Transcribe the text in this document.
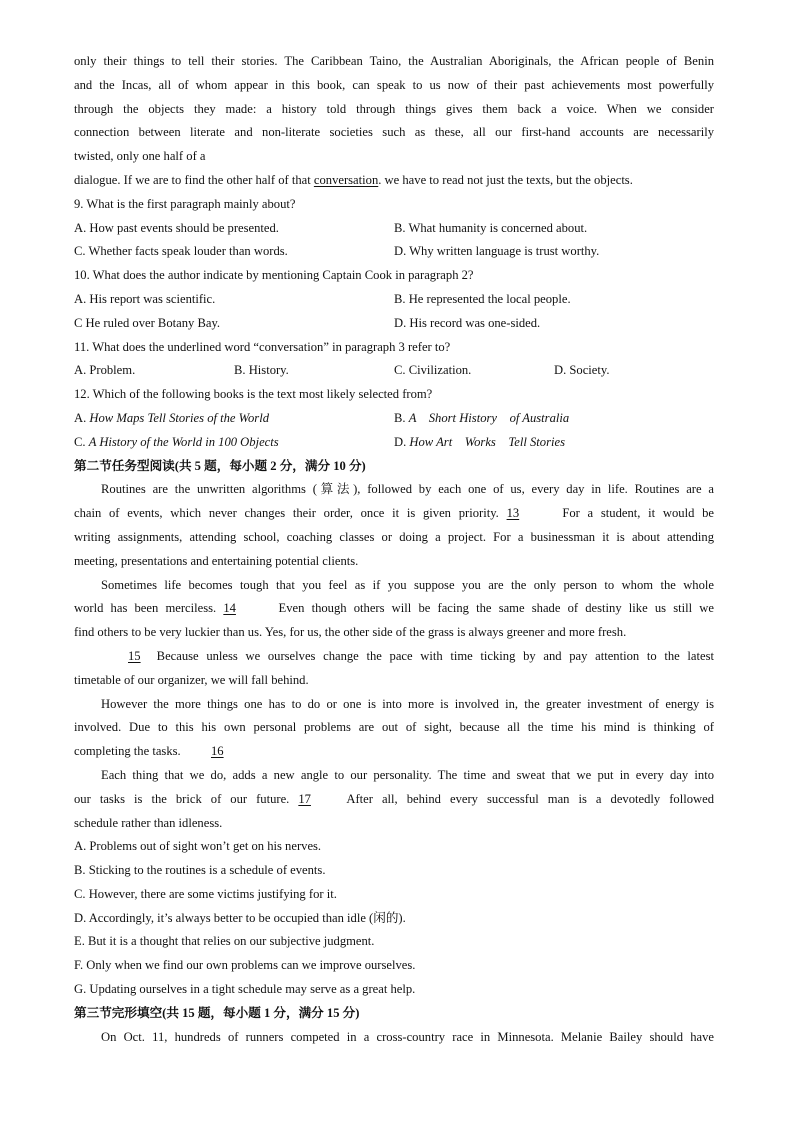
only their things to tell their stories. The Caribbean Taino, the Australian Aboriginals, the African people of Benin

and the Incas, all of whom appear in this book, can speak to us now of their past achievements most powerfully

through the objects they made: a history told through things gives them back a voice. When we consider

connection between literate and non-literate societies such as these, all our first-hand accounts are necessarily

twisted, only one half of a

dialogue. If we are to find the other half of that conversation. we have to read not just the texts, but the objects.

9. What is the first paragraph mainly about?

A. How past events should be presented.	B. What humanity is concerned about.
C. Whether facts speak louder than words.	D. Why written language is trust worthy.

10. What does the author indicate by mentioning Captain Cook in paragraph 2?

A. His report was scientific.	B. He represented the local people.
C He ruled over Botany Bay.	D. His record was one-sided.

11. What does the underlined word “conversation” in paragraph 3 refer to?

A. Problem.	B. History.	C. Civilization.	D. Society.

12. Which of the following books is the text most likely selected from?

A. How Maps Tell Stories of the World	B. A　Short History　of Australia
C. A History of the World in 100 Objects	D. How Art　Works　Tell Stories

第二节任务型阅读(共 5 题，每小题 2 分，满分 10 分)

Routines are the unwritten algorithms (算法), followed by each one of us, every day in life. Routines are a

chain of events, which never changes their order, once it is given priority. 13	For a student, it would be

writing assignments, attending school, coaching classes or doing a project. For a businessman it is about attending

meeting, presentations and entertaining potential clients.

Sometimes life becomes tough that you feel as if you suppose you are the only person to whom the whole

world has been merciless. 14	Even though others will be facing the same shade of destiny like us still we

find others to be very luckier than us. Yes, for us, the other side of the grass is always greener and more fresh.

15 Because unless we ourselves change the pace with time ticking by and pay attention to the latest

timetable of our organizer, we will fall behind.

However the more things one has to do or one is into more is involved in, the greater investment of energy is

involved. Due to this his own personal problems are out of sight, because all the time his mind is thinking of

completing the tasks.　16

Each thing that we do, adds a new angle to our personality. The time and sweat that we put in every day into

our tasks is the brick of our future. 17	After all, behind every successful man is a devotedly followed

schedule rather than idleness.

A. Problems out of sight won’t get on his nerves.

B. Sticking to the routines is a schedule of events.

C. However, there are some victims justifying for it.

D. Accordingly, it’s always better to be occupied than idle (闲的).

E. But it is a thought that relies on our subjective judgment.

F. Only when we find our own problems can we improve ourselves.

G. Updating ourselves in a tight schedule may serve as a great help.

第三节完形填空(共 15 题，每小题 1 分，满分 15 分)

On Oct. 11, hundreds of runners competed in a cross-country race in Minnesota. Melanie Bailey should have
